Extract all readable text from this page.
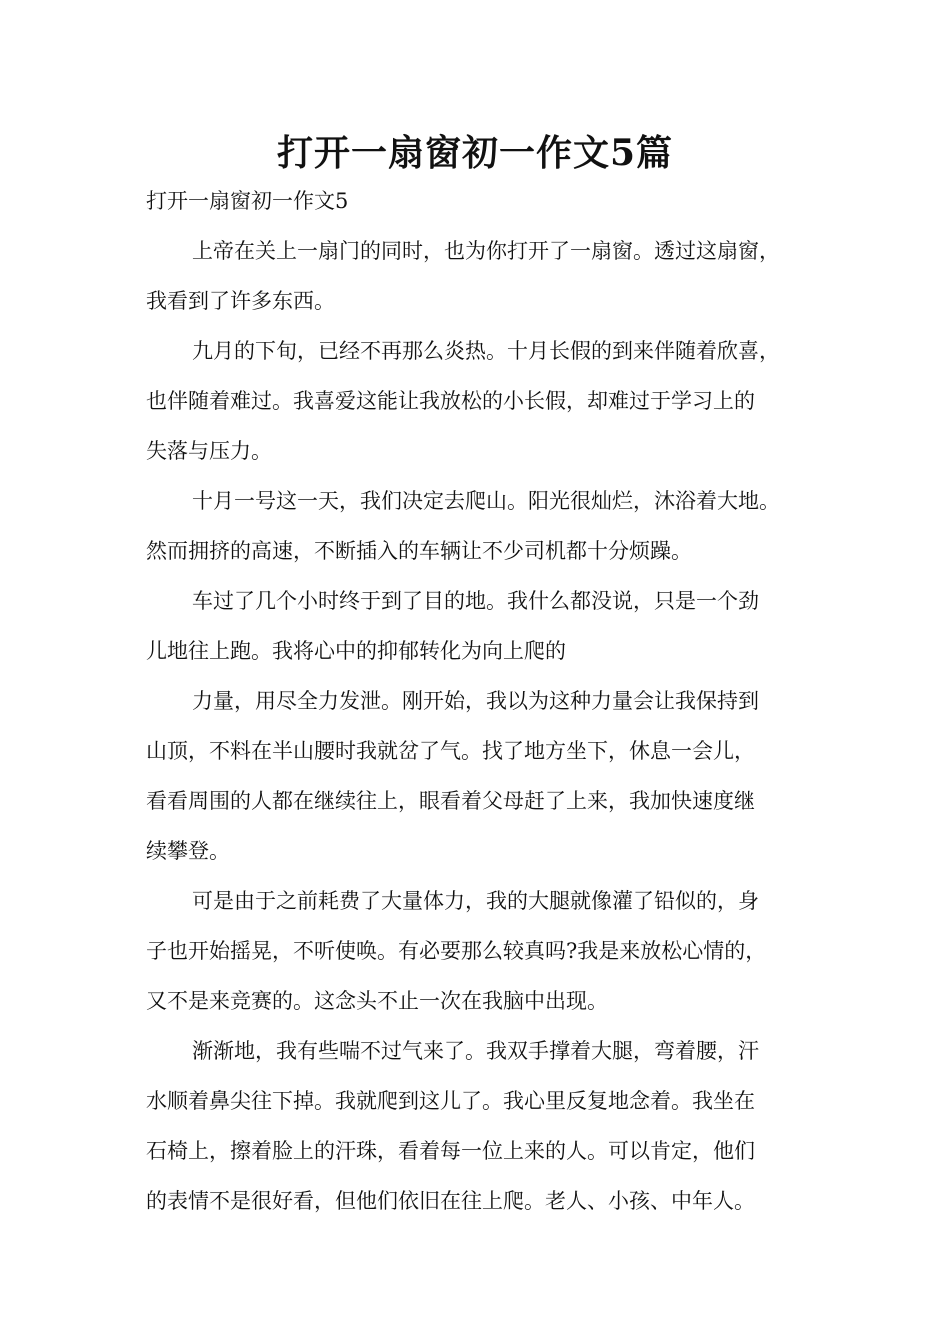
打开一扇窗初一作文5篇

打开一扇窗初一作文5

上帝在关上一扇门的同时，也为你打开了一扇窗。透过这扇窗，

我看到了许多东西。

九月的下旬，已经不再那么炎热。十月长假的到来伴随着欣喜，

也伴随着难过。我喜爱这能让我放松的小长假，却难过于学习上的

失落与压力。

十月一号这一天，我们决定去爬山。阳光很灿烂，沐浴着大地。

然而拥挤的高速，不断插入的车辆让不少司机都十分烦躁。

车过了几个小时终于到了目的地。我什么都没说，只是一个劲

儿地往上跑。我将心中的抑郁转化为向上爬的

力量，用尽全力发泄。刚开始，我以为这种力量会让我保持到

山顶，不料在半山腰时我就岔了气。找了地方坐下，休息一会儿，

看看周围的人都在继续往上，眼看着父母赶了上来，我加快速度继

续攀登。

可是由于之前耗费了大量体力，我的大腿就像灌了铅似的，身

子也开始摇晃，不听使唤。有必要那么较真吗?我是来放松心情的，

又不是来竞赛的。这念头不止一次在我脑中出现。

渐渐地，我有些喘不过气来了。我双手撑着大腿，弯着腰，汗

水顺着鼻尖往下掉。我就爬到这儿了。我心里反复地念着。我坐在

石椅上，擦着脸上的汗珠，看着每一位上来的人。可以肯定，他们

的表情不是很好看，但他们依旧在往上爬。老人、小孩、中年人。
